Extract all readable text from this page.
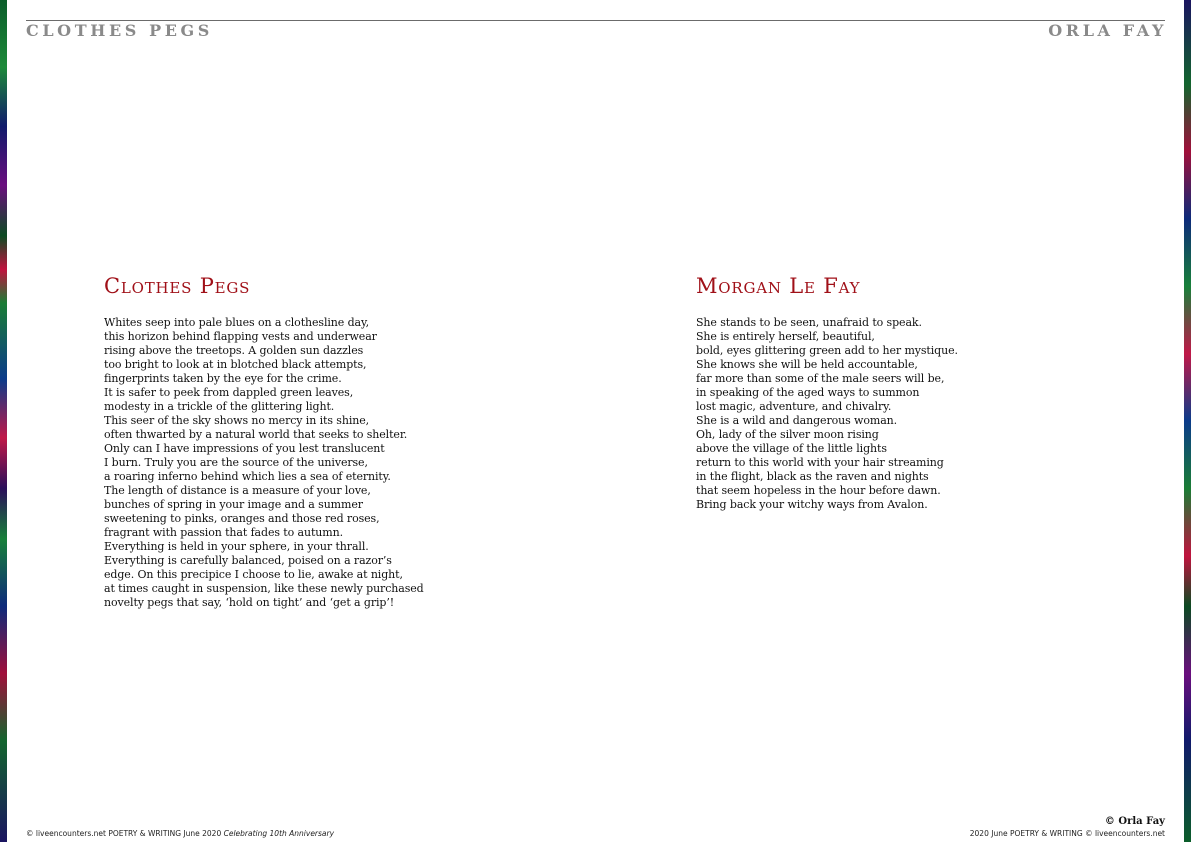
CLOTHES PEGS	ORLA FAY
Clothes Pegs
Whites seep into pale blues on a clothesline day,
this horizon behind flapping vests and underwear
rising above the treetops. A golden sun dazzles
too bright to look at in blotched black attempts,
fingerprints taken by the eye for the crime.
It is safer to peek from dappled green leaves,
modesty in a trickle of the glittering light.
This seer of the sky shows no mercy in its shine,
often thwarted by a natural world that seeks to shelter.
Only can I have impressions of you lest translucent
I burn. Truly you are the source of the universe,
a roaring inferno behind which lies a sea of eternity.
The length of distance is a measure of your love,
bunches of spring in your image and a summer
sweetening to pinks, oranges and those red roses,
fragrant with passion that fades to autumn.
Everything is held in your sphere, in your thrall.
Everything is carefully balanced, poised on a razor’s
edge. On this precipice I choose to lie, awake at night,
at times caught in suspension, like these newly purchased
novelty pegs that say, ‘hold on tight’ and ‘get a grip’!
Morgan Le Fay
She stands to be seen, unafraid to speak.
She is entirely herself, beautiful,
bold, eyes glittering green add to her mystique.
She knows she will be held accountable,
far more than some of the male seers will be,
in speaking of the aged ways to summon
lost magic, adventure, and chivalry.
She is a wild and dangerous woman.
Oh, lady of the silver moon rising
above the village of the little lights
return to this world with your hair streaming
in the flight, black as the raven and nights
that seem hopeless in the hour before dawn.
Bring back your witchy ways from Avalon.
© Orla Fay
© liveencounters.net POETRY & WRITING June 2020 Celebrating 10th Anniversary	2020 June POETRY & WRITING © liveencounters.net
